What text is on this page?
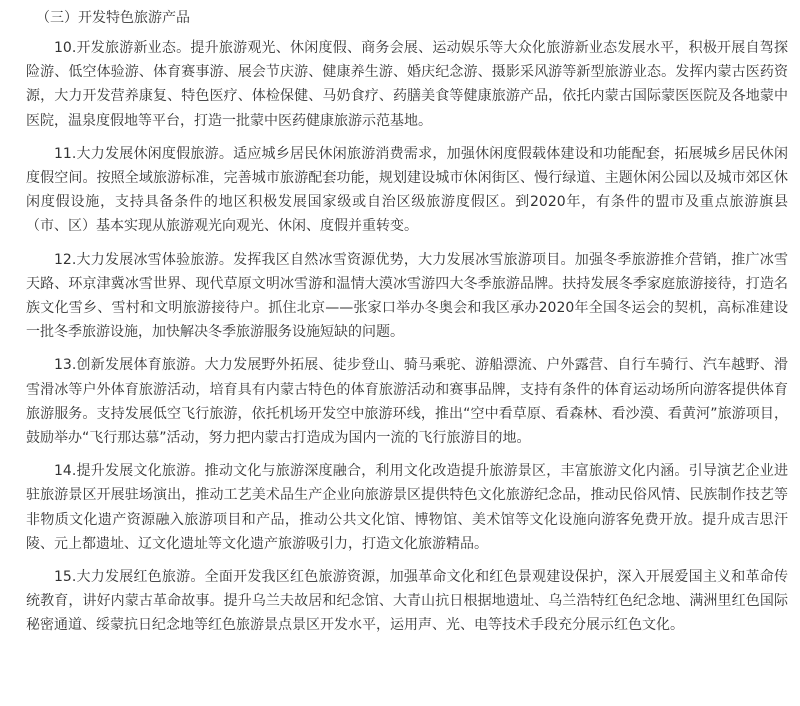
（三）开发特色旅游产品

10.开发旅游新业态。提升旅游观光、休闲度假、商务会展、运动娱乐等大众化旅游新业态发展水平，积极开展自驾探险游、低空体验游、体育赛事游、展会节庆游、健康养生游、婚庆纪念游、摄影采风游等新型旅游业态。发挥内蒙古医药资源，大力开发营养康复、特色医疗、体检保健、马奶食疗、药膳美食等健康旅游产品，依托内蒙古国际蒙医医院及各地蒙中医院，温泉度假地等平台，打造一批蒙中医药健康旅游示范基地。

11.大力发展休闲度假旅游。适应城乡居民休闲旅游消费需求，加强休闲度假载体建设和功能配套，拓展城乡居民休闲度假空间。按照全域旅游标准，完善城市旅游配套功能，规划建设城市休闲街区、慢行绿道、主题休闲公园以及城市郊区休闲度假设施，支持具备条件的地区积极发展国家级或自治区级旅游度假区。到2020年，有条件的盟市及重点旅游旗县（市、区）基本实现从旅游观光向观光、休闲、度假并重转变。

12.大力发展冰雪体验旅游。发挥我区自然冰雪资源优势，大力发展冰雪旅游项目。加强冬季旅游推介营销，推广冰雪天路、环京津冀冰雪世界、现代草原文明冰雪游和温情大漠冰雪游四大冬季旅游品牌。扶持发展冬季家庭旅游接待，打造名族文化雪乡、雪村和文明旅游接待户。抓住北京——张家口举办冬奥会和我区承办2020年全国冬运会的契机，高标准建设一批冬季旅游设施，加快解决冬季旅游服务设施短缺的问题。

13.创新发展体育旅游。大力发展野外拓展、徒步登山、骑马乘驼、游船漂流、户外露营、自行车骑行、汽车越野、滑雪滑冰等户外体育旅游活动，培育具有内蒙古特色的体育旅游活动和赛事品牌，支持有条件的体育运动场所向游客提供体育旅游服务。支持发展低空飞行旅游，依托机场开发空中旅游环线，推出“空中看草原、看森林、看沙漠、看黄河”旅游项目，鼓励举办“飞行那达慕”活动，努力把内蒙古打造成为国内一流的飞行旅游目的地。

14.提升发展文化旅游。推动文化与旅游深度融合，利用文化改造提升旅游景区，丰富旅游文化内涵。引导演艺企业进驻旅游景区开展驻场演出，推动工艺美术品生产企业向旅游景区提供特色文化旅游纪念品，推动民俗风情、民族制作技艺等非物质文化遗产资源融入旅游项目和产品，推动公共文化馆、博物馆、美术馆等文化设施向游客免费开放。提升成吉思汗陵、元上都遗址、辽文化遗址等文化遗产旅游吸引力，打造文化旅游精品。

15.大力发展红色旅游。全面开发我区红色旅游资源，加强革命文化和红色景观建设保护，深入开展爱国主义和革命传统教育，讲好内蒙古革命故事。提升乌兰夫故居和纪念馆、大青山抗日根据地遗址、乌兰浩特红色纪念地、满洲里红色国际秘密通道、绥蒙抗日纪念地等红色旅游景点景区开发水平，运用声、光、电等技术手段充分展示红色文化。
